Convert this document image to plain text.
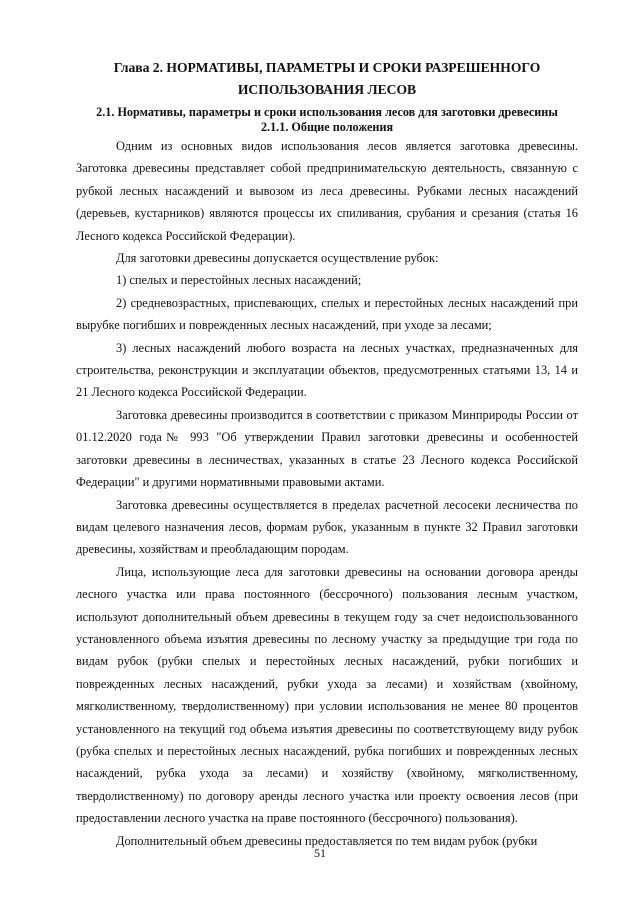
Глава 2. НОРМАТИВЫ, ПАРАМЕТРЫ И СРОКИ РАЗРЕШЕННОГО
ИСПОЛЬЗОВАНИЯ ЛЕСОВ
2.1. Нормативы, параметры и сроки использования лесов для заготовки древесины
2.1.1. Общие положения

Одним из основных видов использования лесов является заготовка древесины. Заготовка древесины представляет собой предпринимательскую деятельность, связанную с рубкой лесных насаждений и вывозом из леса древесины. Рубками лесных насаждений (деревьев, кустарников) являются процессы их спиливания, срубания и срезания (статья 16 Лесного кодекса Российской Федерации).

Для заготовки древесины допускается осуществление рубок:

1) спелых и перестойных лесных насаждений;

2) средневозрастных, приспевающих, спелых и перестойных лесных насаждений при вырубке погибших и поврежденных лесных насаждений, при уходе за лесами;

3) лесных насаждений любого возраста на лесных участках, предназначенных для строительства, реконструкции и эксплуатации объектов, предусмотренных статьями 13, 14 и 21 Лесного кодекса Российской Федерации.

Заготовка древесины производится в соответствии с приказом Минприроды России от 01.12.2020 года№ 993 "Об утверждении Правил заготовки древесины и особенностей заготовки древесины в лесничествах, указанных в статье 23 Лесного кодекса Российской Федерации" и другими нормативными правовыми актами.

Заготовка древесины осуществляется в пределах расчетной лесосеки лесничества по видам целевого назначения лесов, формам рубок, указанным в пункте 32 Правил заготовки древесины, хозяйствам и преобладающим породам.

Лица, использующие леса для заготовки древесины на основании договора аренды лесного участка или права постоянного (бессрочного) пользования лесным участком, используют дополнительный объем древесины в текущем году за счет недоиспользованного установленного объема изъятия древесины по лесному участку за предыдущие три года по видам рубок (рубки спелых и перестойных лесных насаждений, рубки погибших и поврежденных лесных насаждений, рубки ухода за лесами) и хозяйствам (хвойному, мягколиственному, твердолиственному) при условии использования не менее 80 процентов установленного на текущий год объема изъятия древесины по соответствующему виду рубок (рубка спелых и перестойных лесных насаждений, рубка погибших и поврежденных лесных насаждений, рубка ухода за лесами) и хозяйству (хвойному, мягколиственному, твердолиственному) по договору аренды лесного участка или проекту освоения лесов (при предоставлении лесного участка на праве постоянного (бессрочного) пользования).

Дополнительный объем древесины предоставляется по тем видам рубок (рубки

51
